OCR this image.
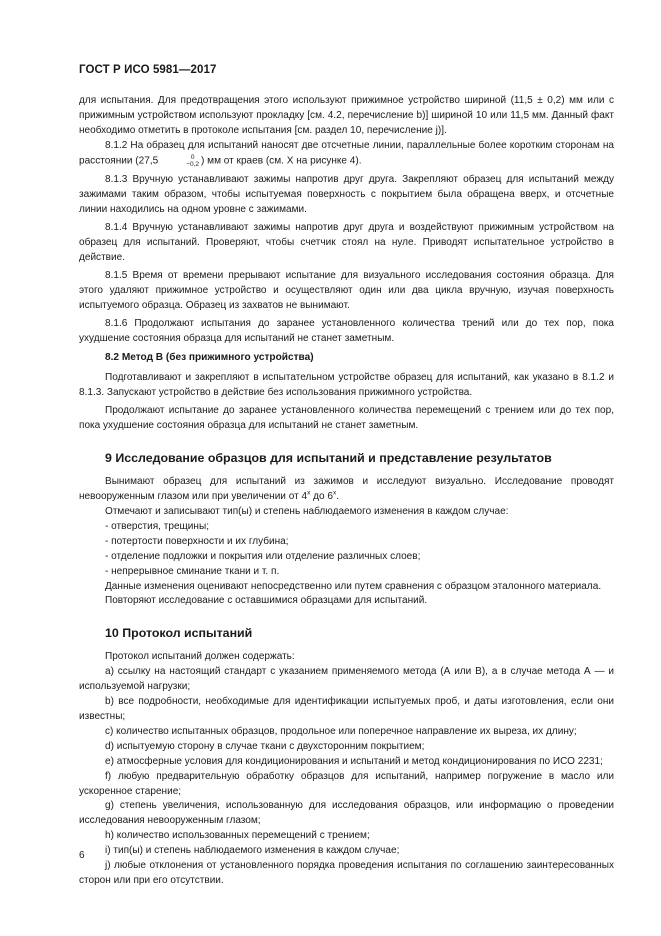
ГОСТ Р ИСО 5981—2017

для испытания. Для предотвращения этого используют прижимное устройство шириной (11,5 ± 0,2) мм или с прижимным устройством используют прокладку [см. 4.2, перечисление b)] шириной 10 или 11,5 мм. Данный факт необходимо отметить в протоколе испытания [см. раздел 10, перечисление j)].

8.1.2 На образец для испытаний наносят две отсчетные линии, параллельные более коротким сторонам на расстоянии (27,5	0
−0,2 ) мм от краев (см. X на рисунке 4).

8.1.3 Вручную устанавливают зажимы напротив друг друга. Закрепляют образец для испытаний между зажимами таким образом, чтобы испытуемая поверхность с покрытием была обращена вверх, и отсчетные линии находились на одном уровне с зажимами.

8.1.4 Вручную устанавливают зажимы напротив друг друга и воздействуют прижимным устройством на образец для испытаний. Проверяют, чтобы счетчик стоял на нуле. Приводят испытательное устройство в действие.

8.1.5 Время от времени прерывают испытание для визуального исследования состояния образца. Для этого удаляют прижимное устройство и осуществляют один или два цикла вручную, изучая поверхность испытуемого образца. Образец из захватов не вынимают.

8.1.6 Продолжают испытания до заранее установленного количества трений или до тех пор, пока ухудшение состояния образца для испытаний не станет заметным.

8.2 Метод В (без прижимного устройства)

Подготавливают и закрепляют в испытательном устройстве образец для испытаний, как указано в 8.1.2 и 8.1.3. Запускают устройство в действие без использования прижимного устройства.

Продолжают испытание до заранее установленного количества перемещений с трением или до тех пор, пока ухудшение состояния образца для испытаний не станет заметным.

9 Исследование образцов для испытаний и представление результатов

Вынимают образец для испытаний из зажимов и исследуют визуально. Исследование проводят невооруженным глазом или при увеличении от $4^х$ до $6^х$.

Отмечают и записывают тип(ы) и степень наблюдаемого изменения в каждом случае:

- отверстия, трещины;

- потертости поверхности и их глубина;

- отделение подложки и покрытия или отделение различных слоев;

- непрерывное сминание ткани и т. п.

Данные изменения оценивают непосредственно или путем сравнения с образцом эталонного материала.

Повторяют исследование с оставшимися образцами для испытаний.

10 Протокол испытаний

Протокол испытаний должен содержать:

a) ссылку на настоящий стандарт с указанием применяемого метода (А или В), а в случае метода А — и используемой нагрузки;

b) все подробности, необходимые для идентификации испытуемых проб, и даты изготовления, если они известны;

c) количество испытанных образцов, продольное или поперечное направление их выреза, их длину;

d) испытуемую сторону в случае ткани с двухсторонним покрытием;

e) атмосферные условия для кондиционирования и испытаний и метод кондиционирования по ИСО 2231;

f) любую предварительную обработку образцов для испытаний, например погружение в масло или ускоренное старение;

g) степень увеличения, использованную для исследования образцов, или информацию о проведении исследования невооруженным глазом;

h) количество использованных перемещений с трением;

i) тип(ы) и степень наблюдаемого изменения в каждом случае;

j) любые отклонения от установленного порядка проведения испытания по соглашению заинтересованных сторон или при его отсутствии.

6
